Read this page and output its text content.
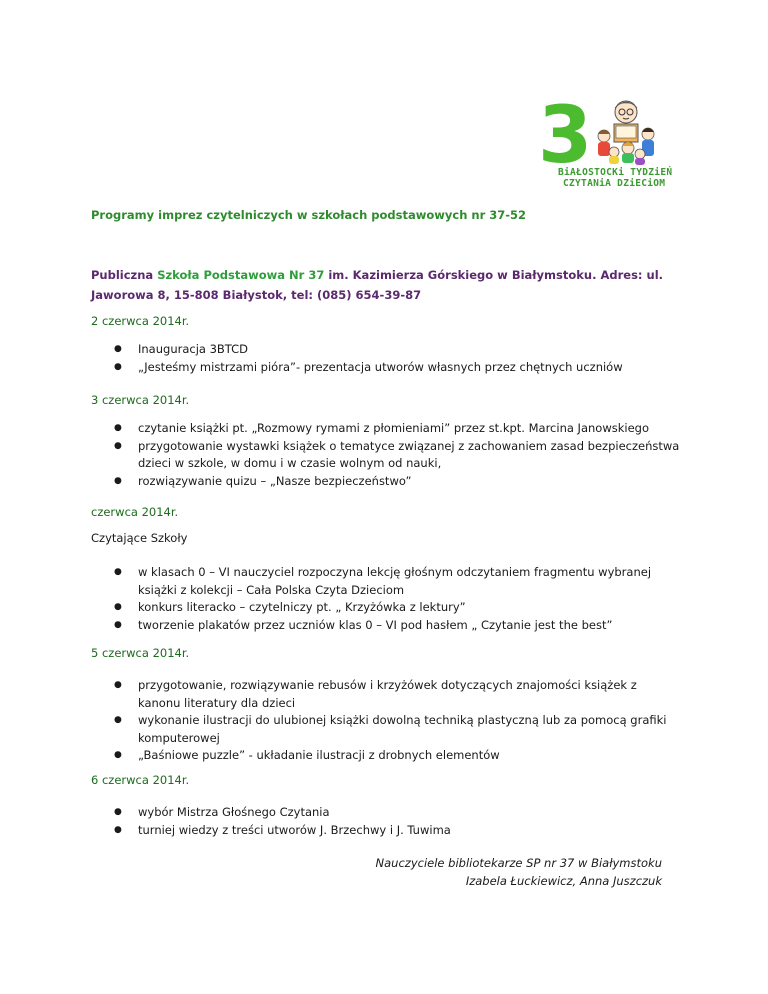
3
BiAŁOSTOCKi TYDZiEŃ
CZYTANiA DZiECiOM
Programy imprez czytelniczych w szkołach podstawowych nr 37-52
Publiczna Szkoła Podstawowa Nr 37 im. Kazimierza Górskiego w Białymstoku. Adres: ul. Jaworowa 8, 15-808 Białystok, tel: (085) 654-39-87
2 czerwca 2014r.
● Inauguracja 3BTCD
● „Jesteśmy mistrzami pióra”- prezentacja utworów własnych przez chętnych uczniów
3 czerwca 2014r.
● czytanie książki pt. „Rozmowy rymami z płomieniami” przez st.kpt. Marcina Janowskiego
● przygotowanie wystawki książek o tematyce związanej z zachowaniem zasad bezpieczeństwa dzieci w szkole, w domu i w czasie wolnym od nauki,
● rozwiązywanie quizu – „Nasze bezpieczeństwo”
czerwca 2014r.
Czytające Szkoły
● w klasach 0 – VI nauczyciel rozpoczyna lekcję głośnym odczytaniem fragmentu wybranej książki z kolekcji – Cała Polska Czyta Dzieciom
● konkurs literacko – czytelniczy pt. „ Krzyżówka z lektury”
● tworzenie plakatów przez uczniów klas 0 – VI pod hasłem „ Czytanie jest the best”
5 czerwca 2014r.
● przygotowanie, rozwiązywanie rebusów i krzyżówek dotyczących znajomości książek z kanonu literatury dla dzieci
● wykonanie ilustracji do ulubionej książki dowolną techniką plastyczną lub za pomocą grafiki komputerowej
● „Baśniowe puzzle” - układanie ilustracji z drobnych elementów
6 czerwca 2014r.
● wybór Mistrza Głośnego Czytania
● turniej wiedzy z treści utworów J. Brzechwy i J. Tuwima
Nauczyciele bibliotekarze SP nr 37 w Białymstoku
Izabela Łuckiewicz, Anna Juszczuk
